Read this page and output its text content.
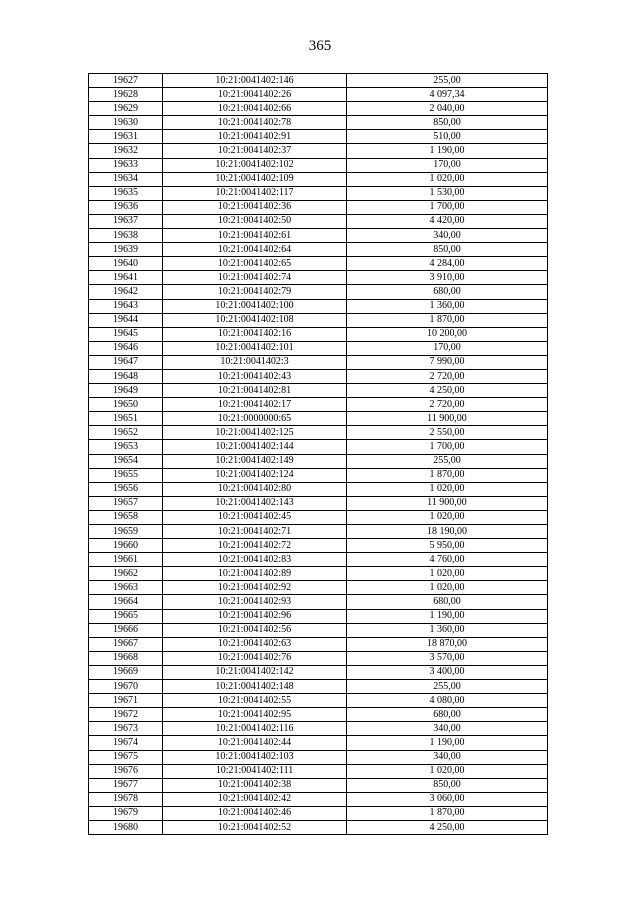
365
19627	10:21:0041402:146	255,00
19628	10:21:0041402:26	4 097,34
19629	10:21:0041402:66	2 040,00
19630	10:21:0041402:78	850,00
19631	10:21:0041402:91	510,00
19632	10:21:0041402:37	1 190,00
19633	10:21:0041402:102	170,00
19634	10:21:0041402:109	1 020,00
19635	10:21:0041402:117	1 530,00
19636	10:21:0041402:36	1 700,00
19637	10:21:0041402:50	4 420,00
19638	10:21:0041402:61	340,00
19639	10:21:0041402:64	850,00
19640	10:21:0041402:65	4 284,00
19641	10:21:0041402:74	3 910,00
19642	10:21:0041402:79	680,00
19643	10:21:0041402:100	1 360,00
19644	10:21:0041402:108	1 870,00
19645	10:21:0041402:16	10 200,00
19646	10:21:0041402:101	170,00
19647	10:21:0041402:3	7 990,00
19648	10:21:0041402:43	2 720,00
19649	10:21:0041402:81	4 250,00
19650	10:21:0041402:17	2 720,00
19651	10:21:0000000:65	11 900,00
19652	10:21:0041402:125	2 550,00
19653	10:21:0041402:144	1 700,00
19654	10:21:0041402:149	255,00
19655	10:21:0041402:124	1 870,00
19656	10:21:0041402:80	1 020,00
19657	10:21:0041402:143	11 900,00
19658	10:21:0041402:45	1 020,00
19659	10:21:0041402:71	18 190,00
19660	10:21:0041402:72	5 950,00
19661	10:21:0041402:83	4 760,00
19662	10:21:0041402:89	1 020,00
19663	10:21:0041402:92	1 020,00
19664	10:21:0041402:93	680,00
19665	10:21:0041402:96	1 190,00
19666	10:21:0041402:56	1 360,00
19667	10:21:0041402:63	18 870,00
19668	10:21:0041402:76	3 570,00
19669	10:21:0041402:142	3 400,00
19670	10:21:0041402:148	255,00
19671	10:21:0041402:55	4 080,00
19672	10:21:0041402:95	680,00
19673	10:21:0041402:116	340,00
19674	10:21:0041402:44	1 190,00
19675	10:21:0041402:103	340,00
19676	10:21:0041402:111	1 020,00
19677	10:21:0041402:38	850,00
19678	10:21:0041402:42	3 060,00
19679	10:21:0041402:46	1 870,00
19680	10:21:0041402:52	4 250,00
